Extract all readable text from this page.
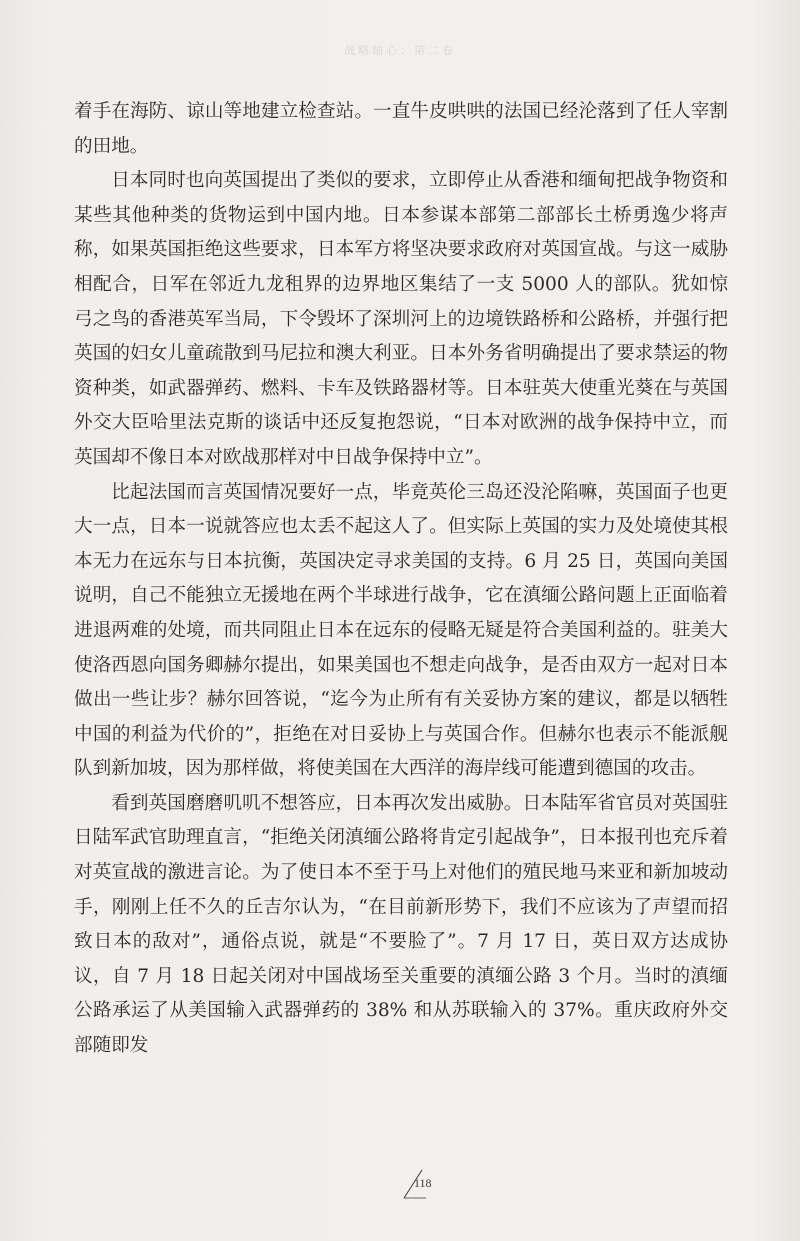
战略轴心：第二卷

着手在海防、谅山等地建立检查站。一直牛皮哄哄的法国已经沦落到了任人宰割的田地。

日本同时也向英国提出了类似的要求，立即停止从香港和缅甸把战争物资和某些其他种类的货物运到中国内地。日本参谋本部第二部部长土桥勇逸少将声称，如果英国拒绝这些要求，日本军方将坚决要求政府对英国宣战。与这一威胁相配合，日军在邻近九龙租界的边界地区集结了一支 5000 人的部队。犹如惊弓之鸟的香港英军当局，下令毁坏了深圳河上的边境铁路桥和公路桥，并强行把英国的妇女儿童疏散到马尼拉和澳大利亚。日本外务省明确提出了要求禁运的物资种类，如武器弹药、燃料、卡车及铁路器材等。日本驻英大使重光葵在与英国外交大臣哈里法克斯的谈话中还反复抱怨说，“日本对欧洲的战争保持中立，而英国却不像日本对欧战那样对中日战争保持中立”。

比起法国而言英国情况要好一点，毕竟英伦三岛还没沦陷嘛，英国面子也更大一点，日本一说就答应也太丢不起这人了。但实际上英国的实力及处境使其根本无力在远东与日本抗衡，英国决定寻求美国的支持。6 月 25 日，英国向美国说明，自己不能独立无援地在两个半球进行战争，它在滇缅公路问题上正面临着进退两难的处境，而共同阻止日本在远东的侵略无疑是符合美国利益的。驻美大使洛西恩向国务卿赫尔提出，如果美国也不想走向战争，是否由双方一起对日本做出一些让步？赫尔回答说，“迄今为止所有有关妥协方案的建议，都是以牺牲中国的利益为代价的”，拒绝在对日妥协上与英国合作。但赫尔也表示不能派舰队到新加坡，因为那样做，将使美国在大西洋的海岸线可能遭到德国的攻击。

看到英国磨磨叽叽不想答应，日本再次发出威胁。日本陆军省官员对英国驻日陆军武官助理直言，“拒绝关闭滇缅公路将肯定引起战争”，日本报刊也充斥着对英宣战的激进言论。为了使日本不至于马上对他们的殖民地马来亚和新加坡动手，刚刚上任不久的丘吉尔认为，“在目前新形势下，我们不应该为了声望而招致日本的敌对”，通俗点说，就是“不要脸了”。7 月 17 日，英日双方达成协议，自 7 月 18 日起关闭对中国战场至关重要的滇缅公路 3 个月。当时的滇缅公路承运了从美国输入武器弹药的 38% 和从苏联输入的 37%。重庆政府外交部随即发

118
